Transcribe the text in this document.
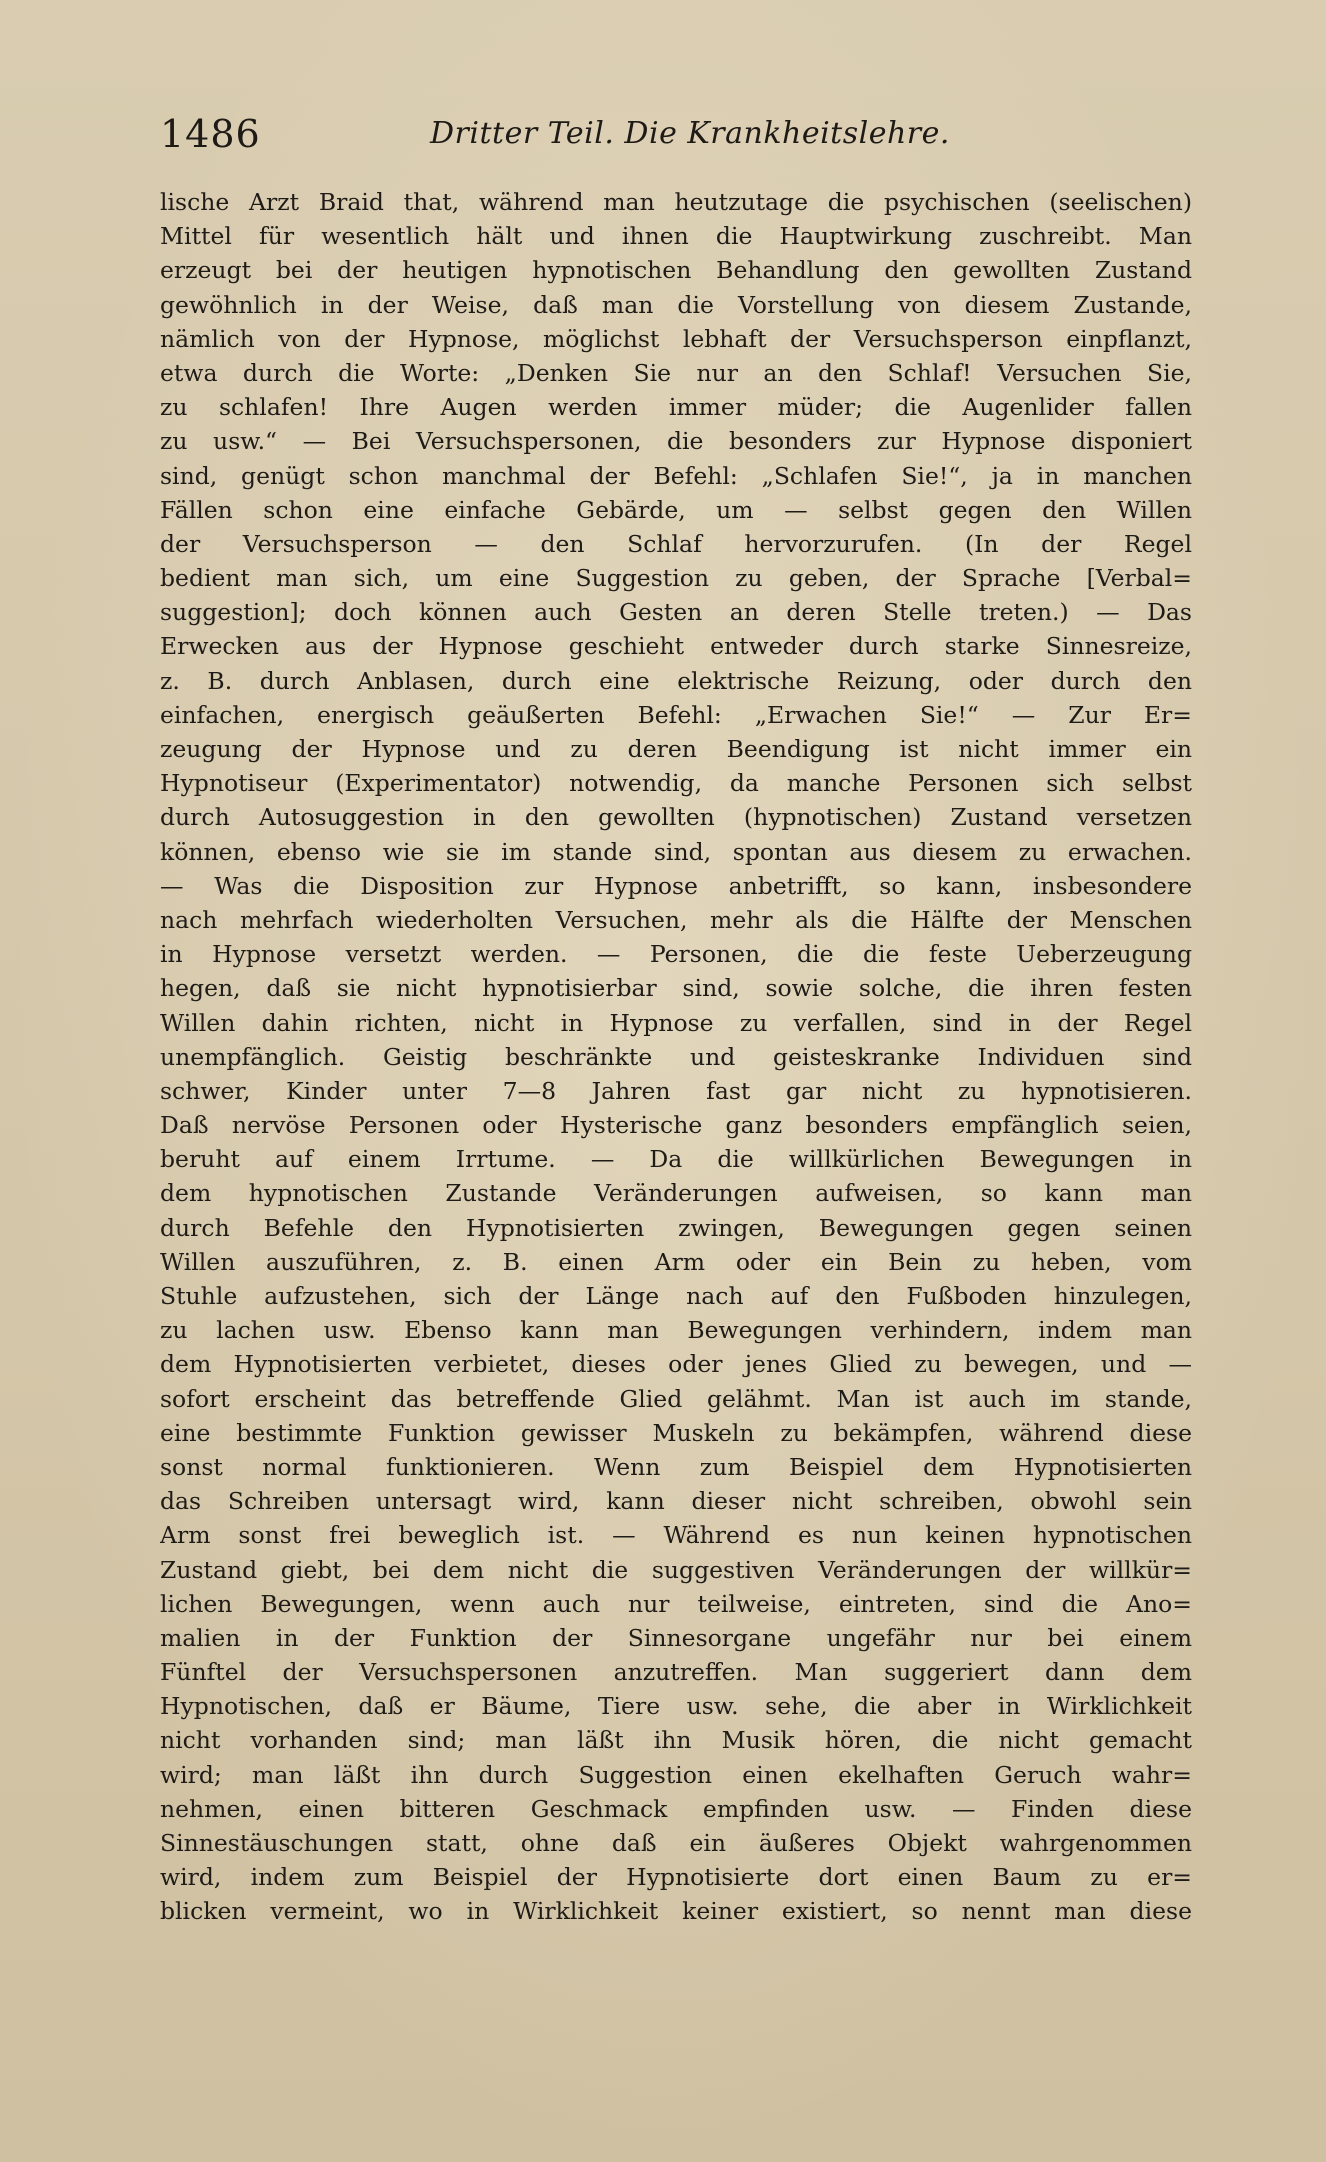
1486	Dritter Teil. Die Krankheitslehre.
lische Arzt Braid that, während man heutzutage die psychischen (seelischen)
Mittel für wesentlich hält und ihnen die Hauptwirkung zuschreibt. Man
erzeugt bei der heutigen hypnotischen Behandlung den gewollten Zustand
gewöhnlich in der Weise, daß man die Vorstellung von diesem Zustande,
nämlich von der Hypnose, möglichst lebhaft der Versuchsperson einpflanzt,
etwa durch die Worte: „Denken Sie nur an den Schlaf! Versuchen Sie,
zu schlafen! Ihre Augen werden immer müder; die Augenlider fallen
zu usw.“ — Bei Versuchspersonen, die besonders zur Hypnose disponiert
sind, genügt schon manchmal der Befehl: „Schlafen Sie!“, ja in manchen
Fällen schon eine einfache Gebärde, um — selbst gegen den Willen
der Versuchsperson — den Schlaf hervorzurufen. (In der Regel
bedient man sich, um eine Suggestion zu geben, der Sprache [Verbal=
suggestion]; doch können auch Gesten an deren Stelle treten.) — Das
Erwecken aus der Hypnose geschieht entweder durch starke Sinnesreize,
z. B. durch Anblasen, durch eine elektrische Reizung, oder durch den
einfachen, energisch geäußerten Befehl: „Erwachen Sie!“ — Zur Er=
zeugung der Hypnose und zu deren Beendigung ist nicht immer ein
Hypnotiseur (Experimentator) notwendig, da manche Personen sich selbst
durch Autosuggestion in den gewollten (hypnotischen) Zustand versetzen
können, ebenso wie sie im stande sind, spontan aus diesem zu erwachen.
— Was die Disposition zur Hypnose anbetrifft, so kann, insbesondere
nach mehrfach wiederholten Versuchen, mehr als die Hälfte der Menschen
in Hypnose versetzt werden. — Personen, die die feste Ueberzeugung
hegen, daß sie nicht hypnotisierbar sind, sowie solche, die ihren festen
Willen dahin richten, nicht in Hypnose zu verfallen, sind in der Regel
unempfänglich. Geistig beschränkte und geisteskranke Individuen sind
schwer, Kinder unter 7—8 Jahren fast gar nicht zu hypnotisieren.
Daß nervöse Personen oder Hysterische ganz besonders empfänglich seien,
beruht auf einem Irrtume. — Da die willkürlichen Bewegungen in
dem hypnotischen Zustande Veränderungen aufweisen, so kann man
durch Befehle den Hypnotisierten zwingen, Bewegungen gegen seinen
Willen auszuführen, z. B. einen Arm oder ein Bein zu heben, vom
Stuhle aufzustehen, sich der Länge nach auf den Fußboden hinzulegen,
zu lachen usw. Ebenso kann man Bewegungen verhindern, indem man
dem Hypnotisierten verbietet, dieses oder jenes Glied zu bewegen, und —
sofort erscheint das betreffende Glied gelähmt. Man ist auch im stande,
eine bestimmte Funktion gewisser Muskeln zu bekämpfen, während diese
sonst normal funktionieren. Wenn zum Beispiel dem Hypnotisierten
das Schreiben untersagt wird, kann dieser nicht schreiben, obwohl sein
Arm sonst frei beweglich ist. — Während es nun keinen hypnotischen
Zustand giebt, bei dem nicht die suggestiven Veränderungen der willkür=
lichen Bewegungen, wenn auch nur teilweise, eintreten, sind die Ano=
malien in der Funktion der Sinnesorgane ungefähr nur bei einem
Fünftel der Versuchspersonen anzutreffen. Man suggeriert dann dem
Hypnotischen, daß er Bäume, Tiere usw. sehe, die aber in Wirklichkeit
nicht vorhanden sind; man läßt ihn Musik hören, die nicht gemacht
wird; man läßt ihn durch Suggestion einen ekelhaften Geruch wahr=
nehmen, einen bitteren Geschmack empfinden usw. — Finden diese
Sinnestäuschungen statt, ohne daß ein äußeres Objekt wahrgenommen
wird, indem zum Beispiel der Hypnotisierte dort einen Baum zu er=
blicken vermeint, wo in Wirklichkeit keiner existiert, so nennt man diese
